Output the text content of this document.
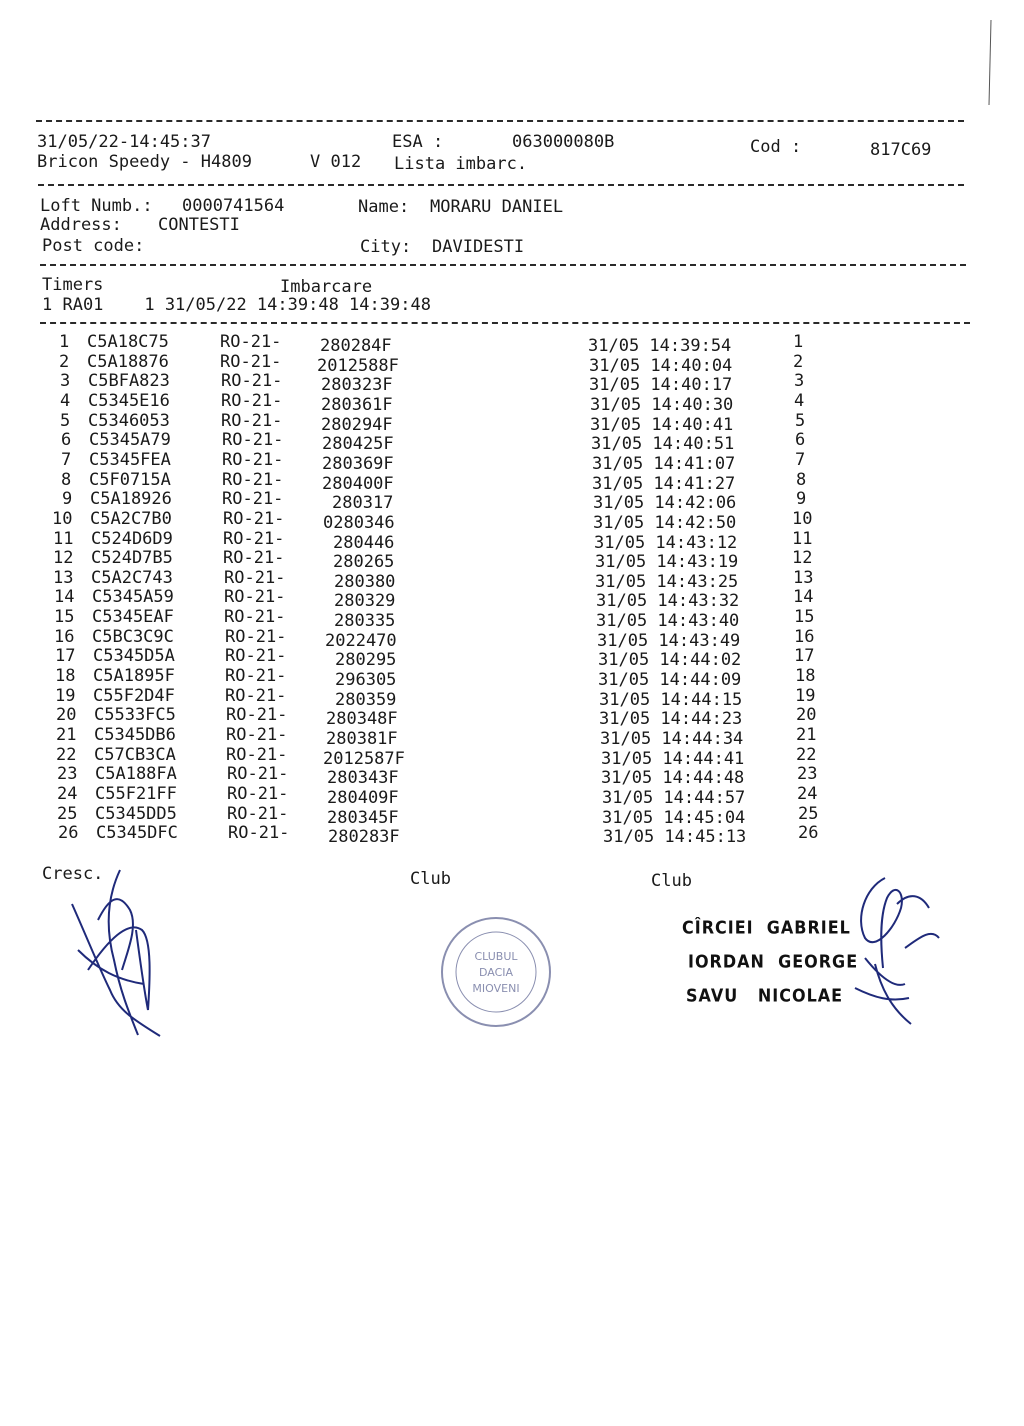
31/05/22-14:45:37	ESA :	063000080B	Cod :	817C69
Bricon Speedy - H4809	V 012 Lista imbarc.
Loft Numb.: 0000741564	Name: MORARU DANIEL
Address: CONTESTI
Post code:	City: DAVIDESTI
Timers	Imbarcare
1 RA01    1 31/05/22 14:39:48 14:39:48
1 C5A18C75	RO-21- 280284F	31/05 14:39:54	1
2 C5A18876	RO-21- 2012588F	31/05 14:40:04	2
3 C5BFA823	RO-21- 280323F	31/05 14:40:17	3
4 C5345E16	RO-21- 280361F	31/05 14:40:30	4
5 C5346053	RO-21- 280294F	31/05 14:40:41	5
6 C5345A79	RO-21- 280425F	31/05 14:40:51	6
7 C5345FEA	RO-21- 280369F	31/05 14:41:07	7
8 C5F0715A	RO-21- 280400F	31/05 14:41:27	8
9 C5A18926	RO-21-	280317	31/05 14:42:06	9
10 C5A2C7B0	RO-21- 0280346	31/05 14:42:50	10
11 C524D6D9	RO-21-	280446	31/05 14:43:12	11
12 C524D7B5	RO-21-	280265	31/05 14:43:19	12
13 C5A2C743	RO-21-	280380	31/05 14:43:25	13
14 C5345A59	RO-21-	280329	31/05 14:43:32	14
15 C5345EAF	RO-21-	280335	31/05 14:43:40	15
16 C5BC3C9C	RO-21- 2022470	31/05 14:43:49	16
17 C5345D5A	RO-21-	280295	31/05 14:44:02	17
18 C5A1895F	RO-21-	296305	31/05 14:44:09	18
19 C55F2D4F	RO-21-	280359	31/05 14:44:15	19
20 C5533FC5	RO-21- 280348F	31/05 14:44:23	20
21 C5345DB6	RO-21- 280381F	31/05 14:44:34	21
22 C57CB3CA	RO-21- 2012587F	31/05 14:44:41	22
23 C5A188FA	RO-21- 280343F	31/05 14:44:48	23
24 C55F21FF	RO-21- 280409F	31/05 14:44:57	24
25 C5345DD5	RO-21- 280345F	31/05 14:45:04	25
26 C5345DFC	RO-21- 280283F	31/05 14:45:13	26
Cresc.	Club	Club
CÎRCIEI  GABRIEL
IORDAN  GEORGE
SAVU   NICOLAE
CLUBUL
DACIA
MIOVENI
